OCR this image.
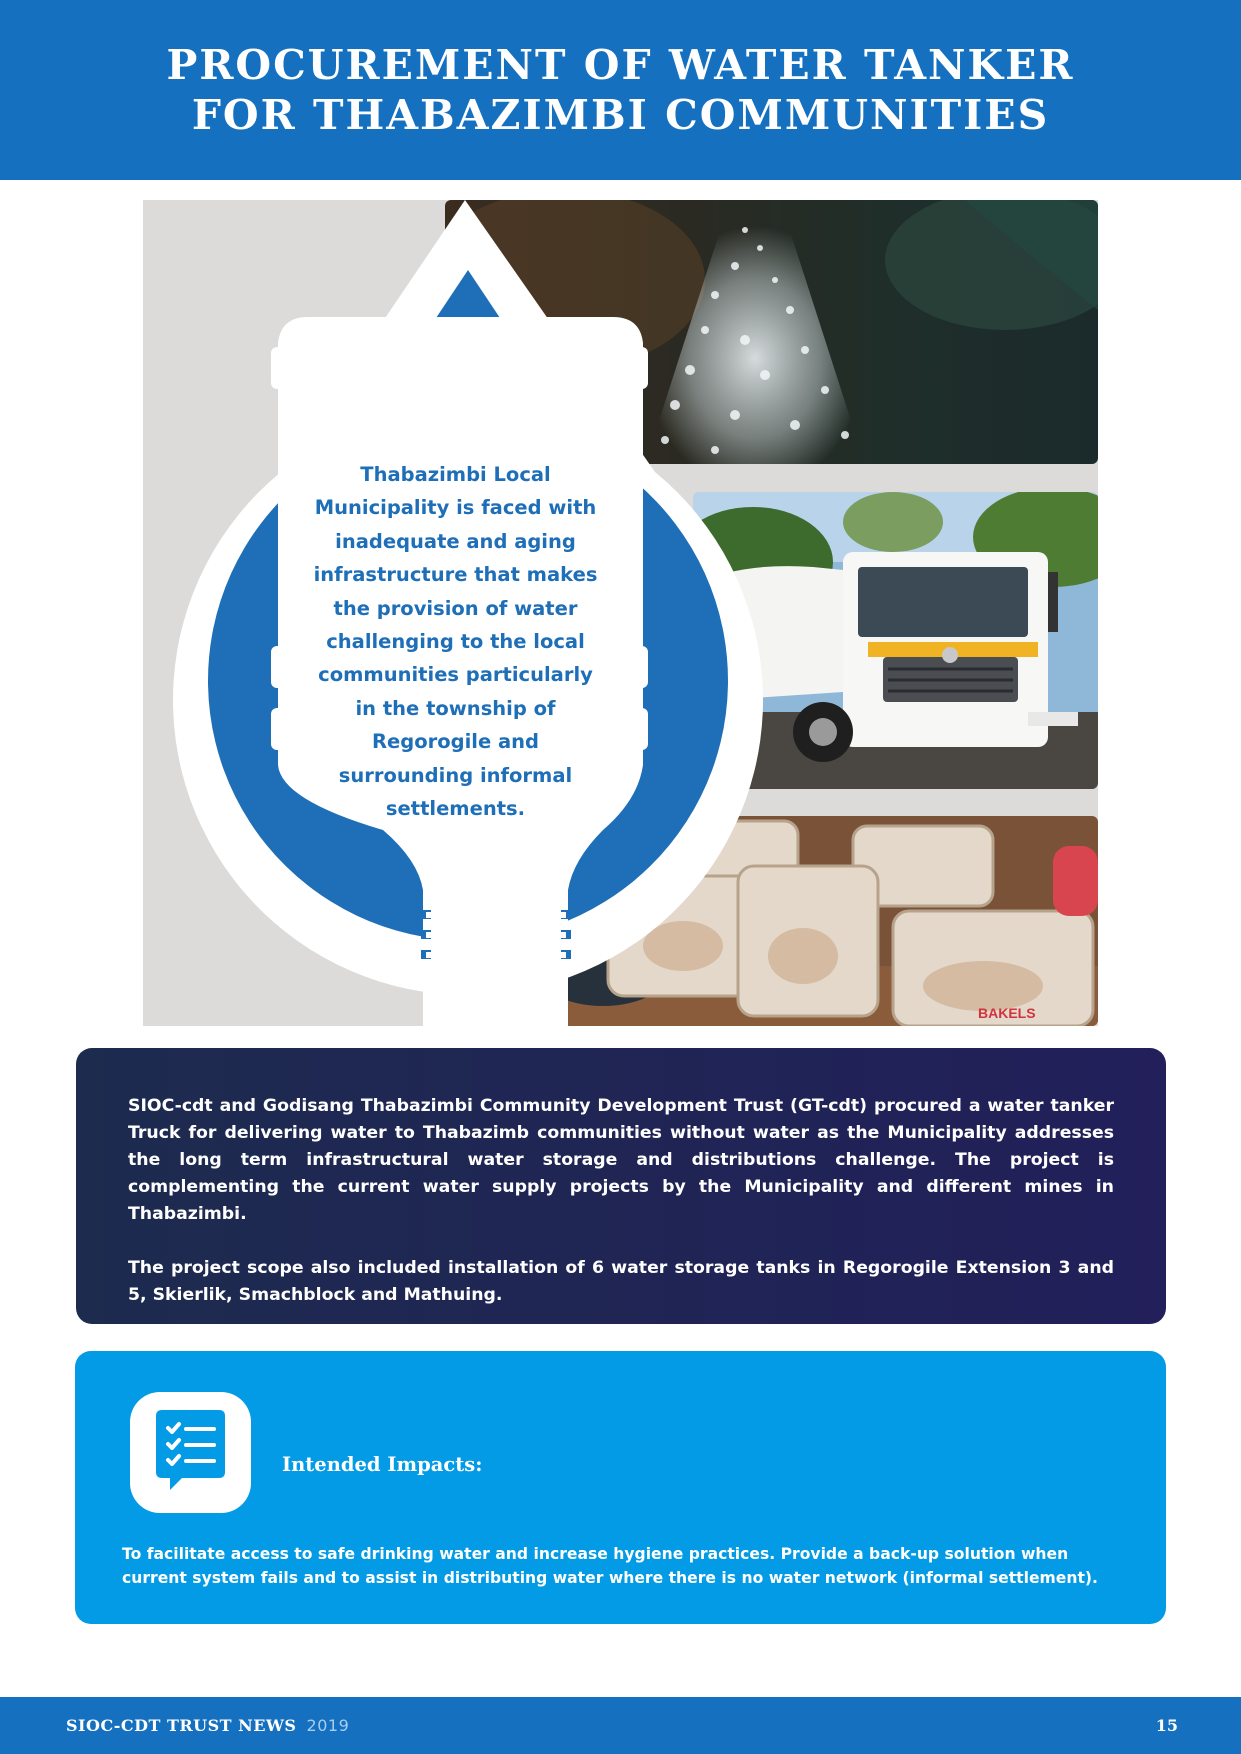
PROCUREMENT OF WATER TANKER
FOR THABAZIMBI COMMUNITIES
BAKELS
Thabazimbi Local Municipality is faced with inadequate and aging infrastructure that makes the provision of water challenging to the local communities particularly in the township of Regorogile and surrounding informal settlements.

SIOC-cdt and Godisang Thabazimbi Community Development Trust (GT-cdt) procured a water tanker Truck for delivering water to Thabazimb communities without water as the Municipality addresses the long term infrastructural water storage and distributions challenge. The project is complementing the current water supply projects by the Municipality and different mines in Thabazimbi.

The project scope also included installation of 6 water storage tanks in Regorogile Extension 3 and 5, Skierlik, Smachblock and Mathuing.

Intended Impacts:
To facilitate access to safe drinking water and increase hygiene practices. Provide a back-up solution when current system fails and to assist in distributing water where there is no water network (informal settlement).
SIOC-CDT TRUST NEWS 2019	15
